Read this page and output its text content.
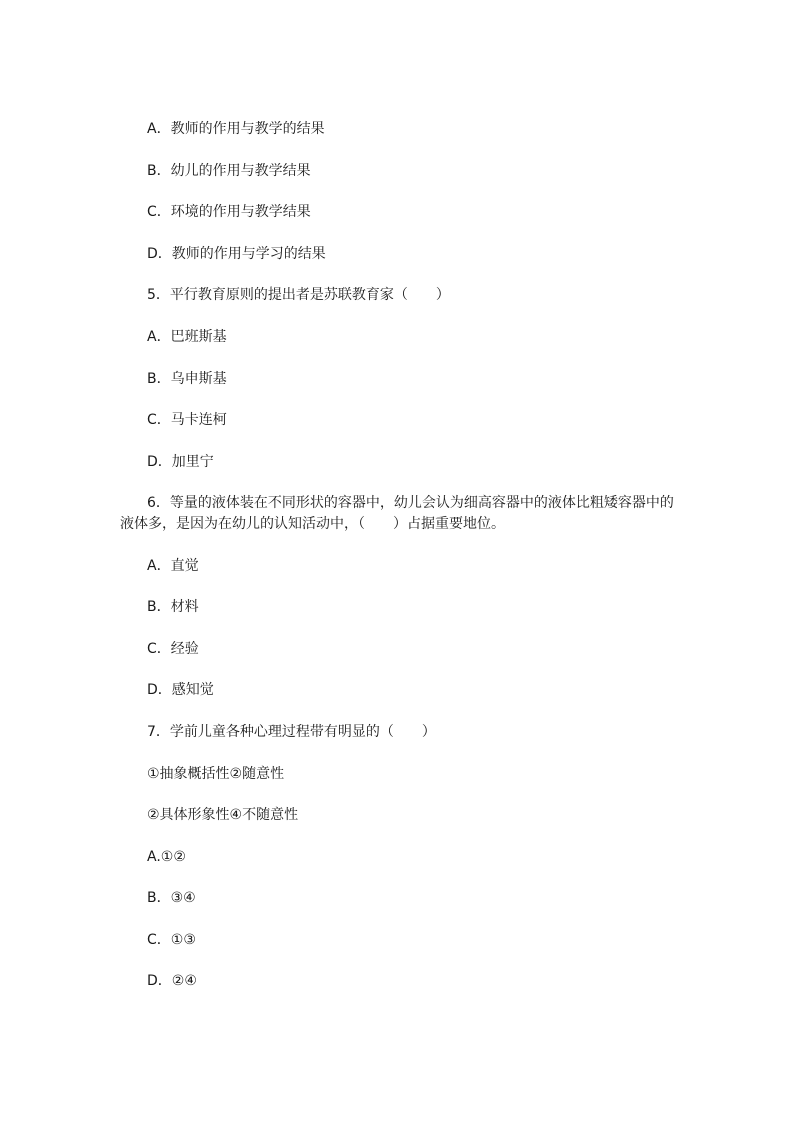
A．教师的作用与教学的结果
B．幼儿的作用与教学结果
C．环境的作用与教学结果
D．教师的作用与学习的结果
5．平行教育原则的提出者是苏联教育家（　　）
A．巴班斯基
B．乌申斯基
C．马卡连柯
D．加里宁
6．等量的液体装在不同形状的容器中，幼儿会认为细高容器中的液体比粗矮容器中的
液体多，是因为在幼儿的认知活动中，（　　）占据重要地位。
A．直觉
B．材料
C．经验
D．感知觉
7．学前儿童各种心理过程带有明显的（　　）
①抽象概括性②随意性
②具体形象性④不随意性
A.①②
B．③④
C．①③
D．②④
